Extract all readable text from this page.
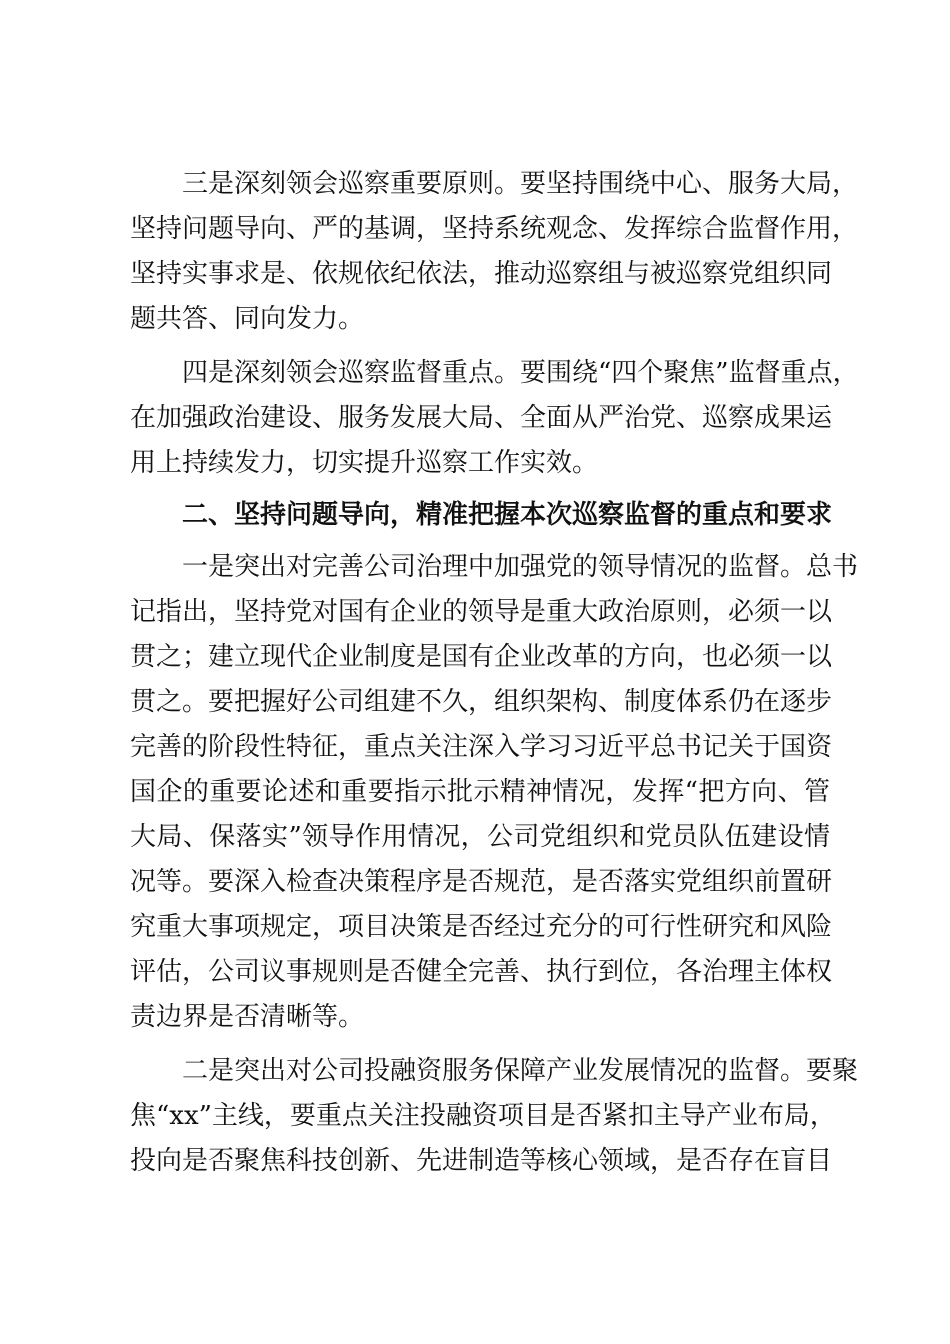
　　三是深刻领会巡察重要原则。要坚持围绕中心、服务大局，
坚持问题导向、严的基调，坚持系统观念、发挥综合监督作用，
坚持实事求是、依规依纪依法，推动巡察组与被巡察党组织同
题共答、同向发力。
　　四是深刻领会巡察监督重点。要围绕“四个聚焦”监督重点，
在加强政治建设、服务发展大局、全面从严治党、巡察成果运
用上持续发力，切实提升巡察工作实效。
　　二、坚持问题导向，精准把握本次巡察监督的重点和要求
　　一是突出对完善公司治理中加强党的领导情况的监督。总书
记指出，坚持党对国有企业的领导是重大政治原则，必须一以
贯之；建立现代企业制度是国有企业改革的方向，也必须一以
贯之。要把握好公司组建不久，组织架构、制度体系仍在逐步
完善的阶段性特征，重点关注深入学习习近平总书记关于国资
国企的重要论述和重要指示批示精神情况，发挥“把方向、管
大局、保落实”领导作用情况，公司党组织和党员队伍建设情
况等。要深入检查决策程序是否规范，是否落实党组织前置研
究重大事项规定，项目决策是否经过充分的可行性研究和风险
评估，公司议事规则是否健全完善、执行到位，各治理主体权
责边界是否清晰等。
　　二是突出对公司投融资服务保障产业发展情况的监督。要聚
焦“xx”主线，要重点关注投融资项目是否紧扣主导产业布局，
投向是否聚焦科技创新、先进制造等核心领域，是否存在盲目
